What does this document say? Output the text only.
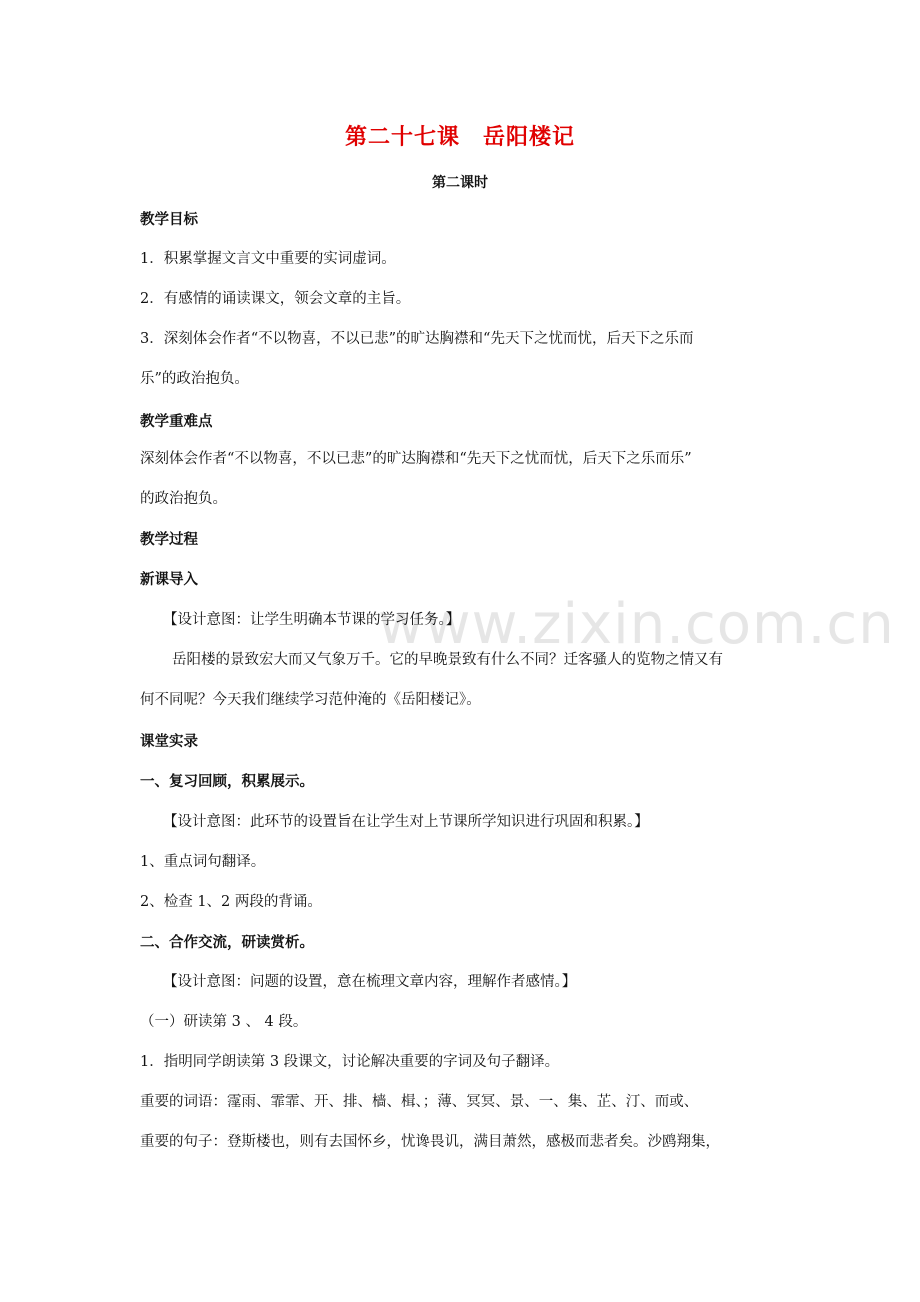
www.zixin.com.cn
第二十七课　岳阳楼记
第二课时
教学目标
1．积累掌握文言文中重要的实词虚词。
2．有感情的诵读课文，领会文章的主旨。
3．深刻体会作者“不以物喜，不以已悲”的旷达胸襟和“先天下之忧而忧，后天下之乐而
乐”的政治抱负。
教学重难点
深刻体会作者“不以物喜，不以已悲”的旷达胸襟和“先天下之忧而忧，后天下之乐而乐”
的政治抱负。
教学过程
新课导入
【设计意图：让学生明确本节课的学习任务。】
岳阳楼的景致宏大而又气象万千。它的早晚景致有什么不同？迁客骚人的览物之情又有
何不同呢？今天我们继续学习范仲淹的《岳阳楼记》。
课堂实录
一、复习回顾，积累展示。
【设计意图：此环节的设置旨在让学生对上节课所学知识进行巩固和积累。】
1、重点词句翻译。
2、检查 1、2 两段的背诵。
二、合作交流，研读赏析。
【设计意图：问题的设置，意在梳理文章内容，理解作者感情。】
（一）研读第 3 、 4 段。
1．指明同学朗读第 3 段课文，讨论解决重要的字词及句子翻译。
重要的词语：霪雨、霏霏、开、排、樯、楫、；薄、冥冥、景、一、集、芷、汀、而或、
重要的句子：登斯楼也，则有去国怀乡，忧谗畏讥，满目萧然，感极而悲者矣。沙鸥翔集，
